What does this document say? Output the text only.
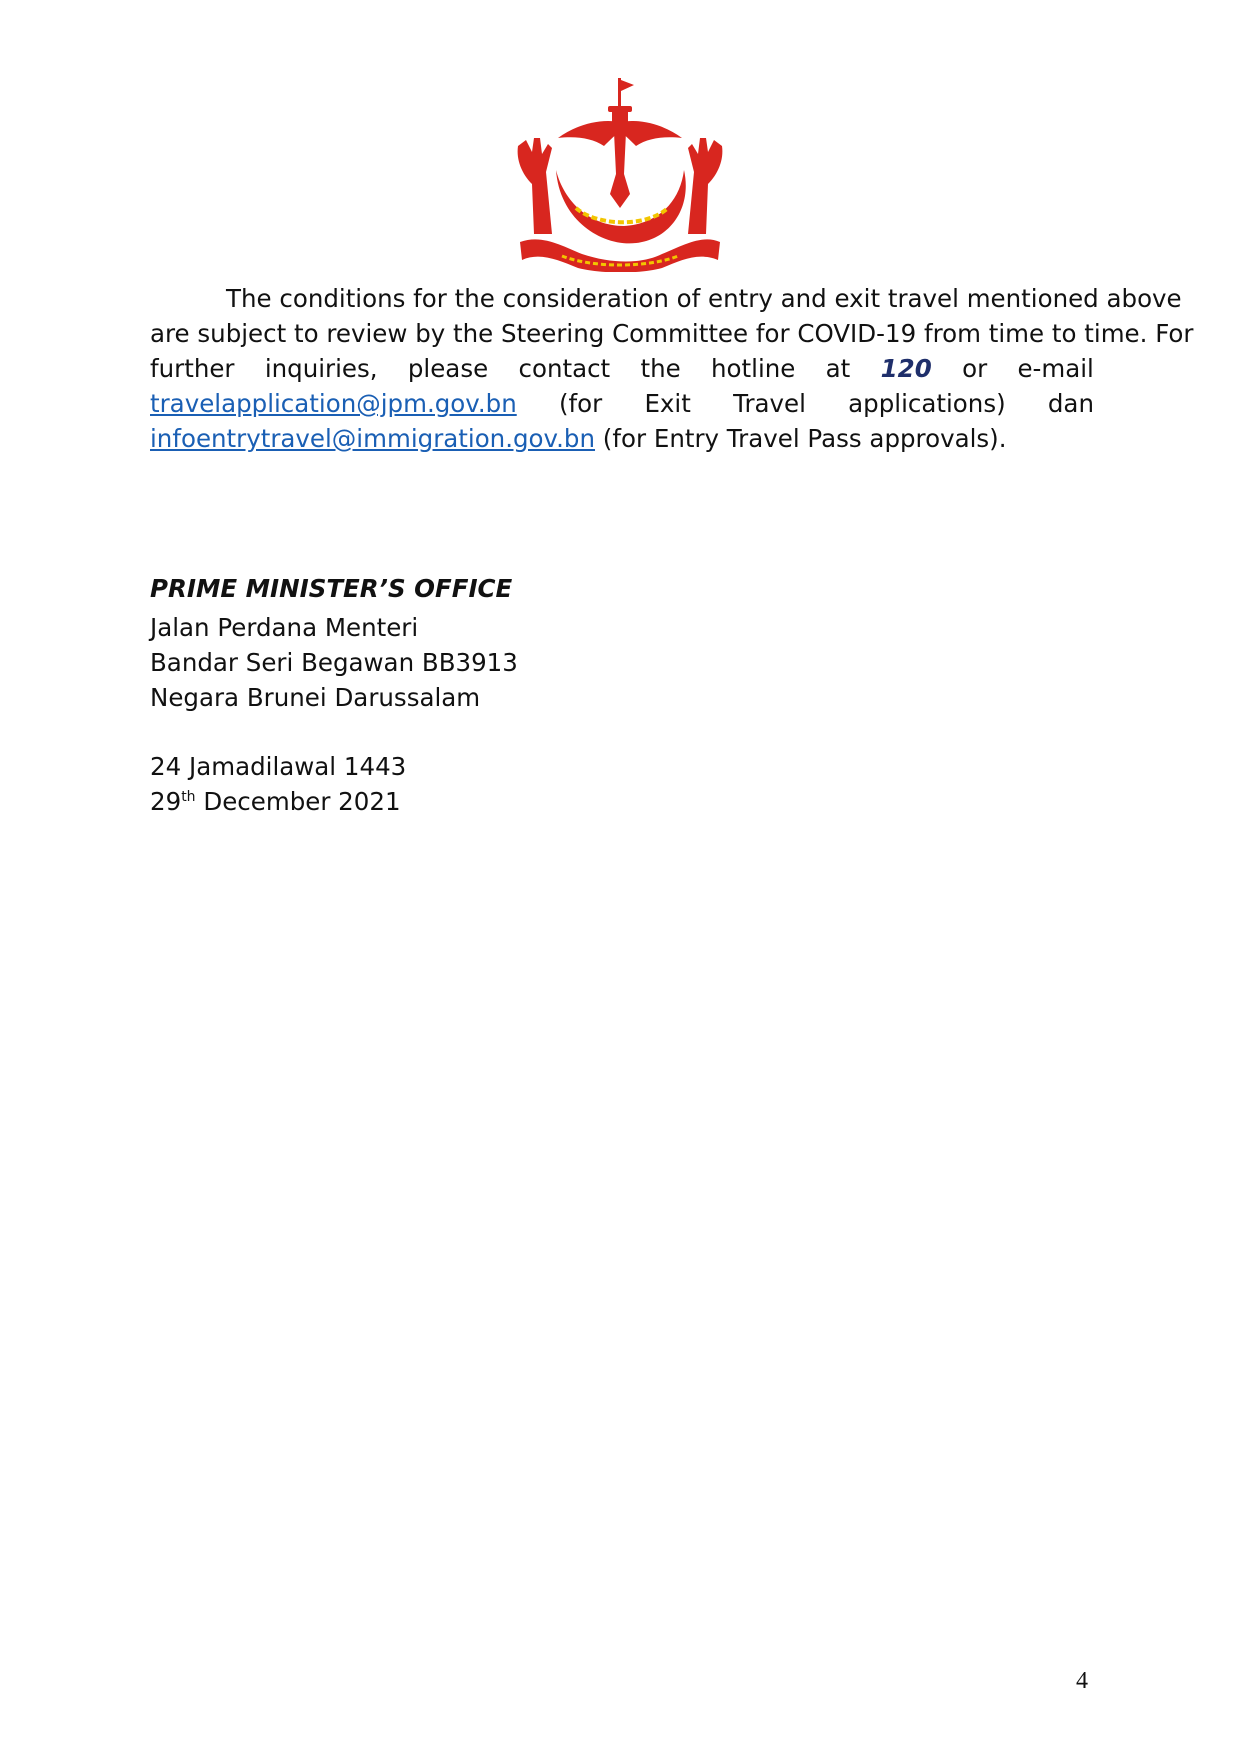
The conditions for the consideration of entry and exit travel mentioned above
are subject to review by the Steering Committee for COVID-19 from time to time. For
further inquiries, please contact the hotline at 120 or e-mail
travelapplication@jpm.gov.bn (for Exit Travel applications) dan
infoentrytravel@immigration.gov.bn (for Entry Travel Pass approvals).
PRIME MINISTER’S OFFICE
Jalan Perdana Menteri
Bandar Seri Begawan BB3913
Negara Brunei Darussalam
24 Jamadilawal 1443
29th December 2021
4
